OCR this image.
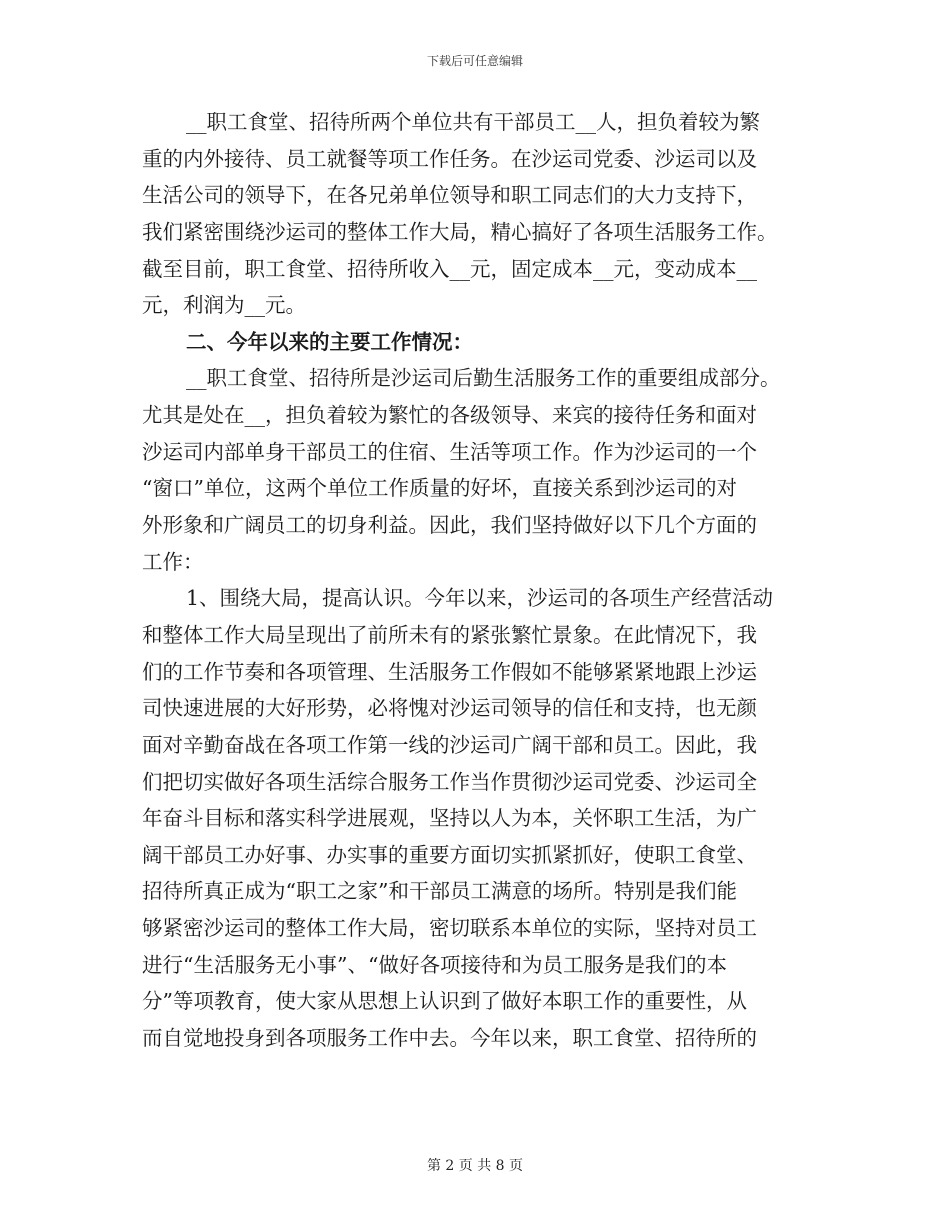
下载后可任意编辑
__职工食堂、招待所两个单位共有干部员工__人，担负着较为繁
重的内外接待、员工就餐等项工作任务。在沙运司党委、沙运司以及
生活公司的领导下，在各兄弟单位领导和职工同志们的大力支持下，
我们紧密围绕沙运司的整体工作大局，精心搞好了各项生活服务工作。
截至目前，职工食堂、招待所收入__元，固定成本__元，变动成本__
元，利润为__元。
二、今年以来的主要工作情况：
__职工食堂、招待所是沙运司后勤生活服务工作的重要组成部分。
尤其是处在__，担负着较为繁忙的各级领导、来宾的接待任务和面对
沙运司内部单身干部员工的住宿、生活等项工作。作为沙运司的一个
“窗口”单位，这两个单位工作质量的好坏，直接关系到沙运司的对
外形象和广阔员工的切身利益。因此，我们坚持做好以下几个方面的
工作：
1、围绕大局，提高认识。今年以来，沙运司的各项生产经营活动
和整体工作大局呈现出了前所未有的紧张繁忙景象。在此情况下，我
们的工作节奏和各项管理、生活服务工作假如不能够紧紧地跟上沙运
司快速进展的大好形势，必将愧对沙运司领导的信任和支持，也无颜
面对辛勤奋战在各项工作第一线的沙运司广阔干部和员工。因此，我
们把切实做好各项生活综合服务工作当作贯彻沙运司党委、沙运司全
年奋斗目标和落实科学进展观，坚持以人为本，关怀职工生活，为广
阔干部员工办好事、办实事的重要方面切实抓紧抓好，使职工食堂、
招待所真正成为“职工之家”和干部员工满意的场所。特别是我们能
够紧密沙运司的整体工作大局，密切联系本单位的实际，坚持对员工
进行“生活服务无小事”、“做好各项接待和为员工服务是我们的本
分”等项教育，使大家从思想上认识到了做好本职工作的重要性，从
而自觉地投身到各项服务工作中去。今年以来，职工食堂、招待所的
第 2 页 共 8 页
